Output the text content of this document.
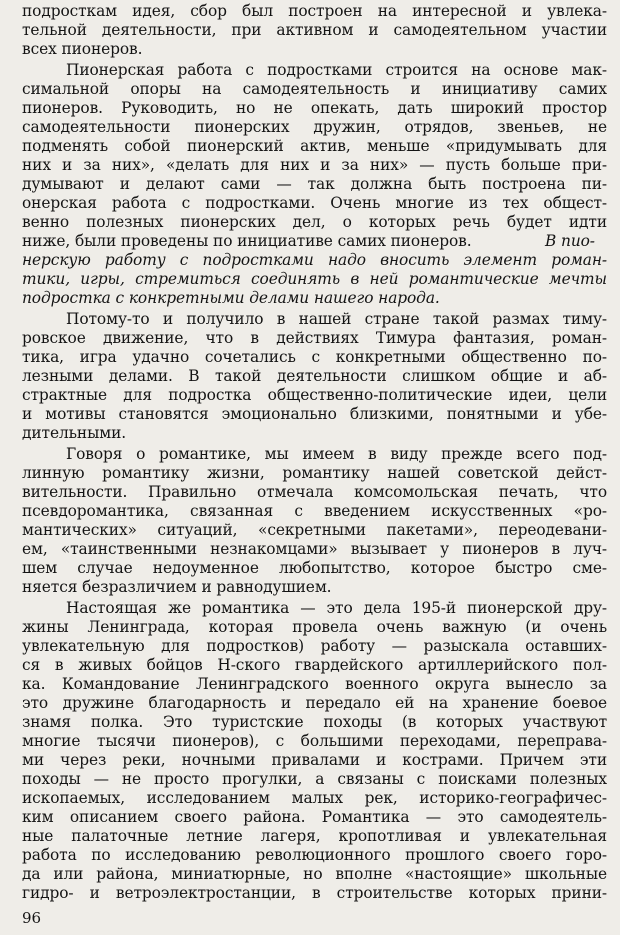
подросткам идея, сбор был построен на интересной и увлека-
тельной деятельности, при активном и самодеятельном участии
всех пионеров.
Пионерская работа с подростками строится на основе мак-
симальной опоры на самодеятельность и инициативу самих
пионеров. Руководить, но не опекать, дать широкий простор
самодеятельности пионерских дружин, отрядов, звеньев, не
подменять собой пионерский актив, меньше «придумывать для
них и за них», «делать для них и за них» — пусть больше при-
думывают и делают сами — так должна быть построена пи-
онерская работа с подростками. Очень многие из тех общест-
венно полезных пионерских дел, о которых речь будет идти
ниже, были проведены по инициативе самих пионеров.	В пио-
нерскую работу с подростками надо вносить элемент роман-
тики, игры, стремиться соединять в ней романтические мечты
подростка с конкретными делами нашего народа.
Потому-то и получило в нашей стране такой размах тиму-
ровское движение, что в действиях Тимура фантазия, роман-
тика, игра удачно сочетались с конкретными общественно по-
лезными делами. В такой деятельности слишком общие и аб-
страктные для подростка общественно-политические идеи, цели
и мотивы становятся эмоционально близкими, понятными и убе-
дительными.
Говоря о романтике, мы имеем в виду прежде всего под-
линную романтику жизни, романтику нашей советской дейст-
вительности. Правильно отмечала комсомольская печать, что
псевдоромантика, связанная с введением искусственных «ро-
мантических» ситуаций, «секретными пакетами», переодевани-
ем, «таинственными незнакомцами» вызывает у пионеров в луч-
шем случае недоуменное любопытство, которое быстро сме-
няется безразличием и равнодушием.
Настоящая же романтика — это дела 195-й пионерской дру-
жины Ленинграда, которая провела очень важную (и очень
увлекательную для подростков) работу — разыскала оставших-
ся в живых бойцов Н-ского гвардейского артиллерийского пол-
ка. Командование Ленинградского военного округа вынесло за
это дружине благодарность и передало ей на хранение боевое
знамя полка. Это туристские походы (в которых участвуют
многие тысячи пионеров), с большими переходами, переправа-
ми через реки, ночными привалами и кострами. Причем эти
походы — не просто прогулки, а связаны с поисками полезных
ископаемых, исследованием малых рек, историко-географичес-
ким описанием своего района. Романтика — это самодеятель-
ные палаточные летние лагеря, кропотливая и увлекательная
работа по исследованию революционного прошлого своего горо-
да или района, миниатюрные, но вполне «настоящие» школьные
гидро- и ветроэлектростанции, в строительстве которых прини-
96
